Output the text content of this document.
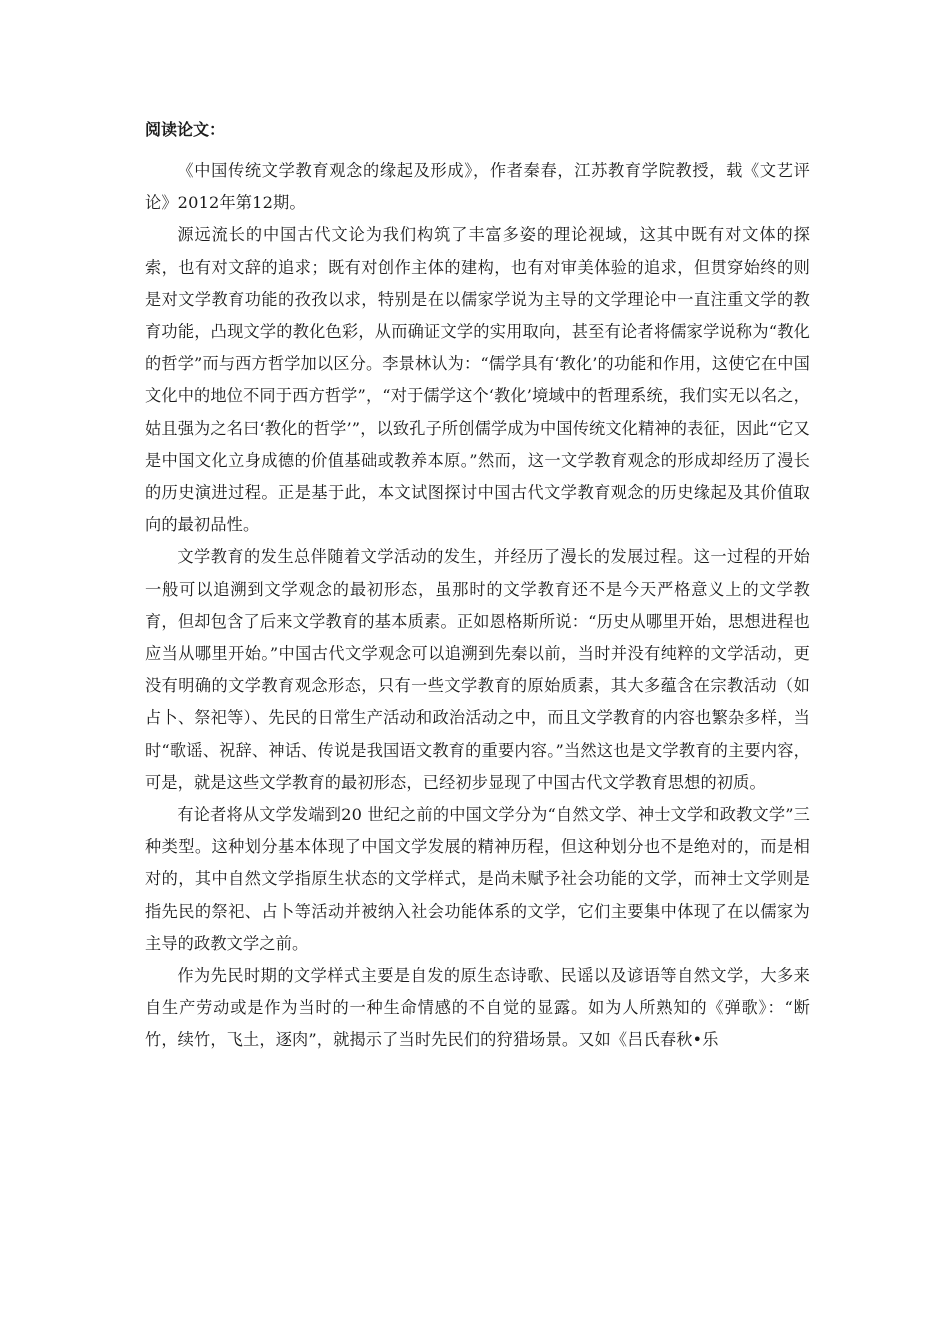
阅读论文：

《中国传统文学教育观念的缘起及形成》，作者秦春，江苏教育学院教授，载《文艺评论》2012年第12期。

源远流长的中国古代文论为我们构筑了丰富多姿的理论视域，这其中既有对文体的探索，也有对文辞的追求；既有对创作主体的建构，也有对审美体验的追求，但贯穿始终的则是对文学教育功能的孜孜以求，特别是在以儒家学说为主导的文学理论中一直注重文学的教育功能，凸现文学的教化色彩，从而确证文学的实用取向，甚至有论者将儒家学说称为“教化的哲学”而与西方哲学加以区分。李景林认为：“儒学具有‘教化’的功能和作用，这使它在中国文化中的地位不同于西方哲学”，“对于儒学这个‘教化’境域中的哲理系统，我们实无以名之，姑且强为之名曰‘教化的哲学’”，以致孔子所创儒学成为中国传统文化精神的表征，因此“它又是中国文化立身成德的价值基础或教养本原。”然而，这一文学教育观念的形成却经历了漫长的历史演进过程。正是基于此，本文试图探讨中国古代文学教育观念的历史缘起及其价值取向的最初品性。

文学教育的发生总伴随着文学活动的发生，并经历了漫长的发展过程。这一过程的开始一般可以追溯到文学观念的最初形态，虽那时的文学教育还不是今天严格意义上的文学教育，但却包含了后来文学教育的基本质素。正如恩格斯所说：“历史从哪里开始，思想进程也应当从哪里开始。”中国古代文学观念可以追溯到先秦以前，当时并没有纯粹的文学活动，更没有明确的文学教育观念形态，只有一些文学教育的原始质素，其大多蕴含在宗教活动（如占卜、祭祀等）、先民的日常生产活动和政治活动之中，而且文学教育的内容也繁杂多样，当时“歌谣、祝辞、神话、传说是我国语文教育的重要内容。”当然这也是文学教育的主要内容，可是，就是这些文学教育的最初形态，已经初步显现了中国古代文学教育思想的初质。

有论者将从文学发端到20 世纪之前的中国文学分为“自然文学、神士文学和政教文学”三种类型。这种划分基本体现了中国文学发展的精神历程，但这种划分也不是绝对的，而是相对的，其中自然文学指原生状态的文学样式，是尚未赋予社会功能的文学，而神士文学则是指先民的祭祀、占卜等活动并被纳入社会功能体系的文学，它们主要集中体现了在以儒家为主导的政教文学之前。

作为先民时期的文学样式主要是自发的原生态诗歌、民谣以及谚语等自然文学，大多来自生产劳动或是作为当时的一种生命情感的不自觉的显露。如为人所熟知的《弹歌》：“断竹，续竹，飞土，逐肉”，就揭示了当时先民们的狩猎场景。又如《吕氏春秋•乐
